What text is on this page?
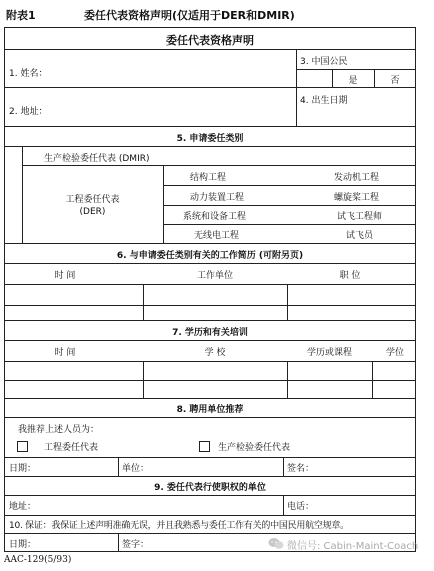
附表1	委任代表资格声明(仅适用于DER和DMIR)
委任代表资格声明
1. 姓名：
2. 地址：
3. 中国公民
是	否
4. 出生日期
5. 申请委任类别
生产检验委任代表 (DMIR)
工程委任代表
(DER)
结构工程	发动机工程
动力装置工程	螺旋桨工程
系统和设备工程	试飞工程师
无线电工程	试飞员
6. 与申请委任类别有关的工作简历 (可附另页)
时 间	工作单位	职 位
7. 学历和有关培训
时 间	学 校	学历或课程	学位
8. 聘用单位推荐
我推荐上述人员为：
工程委任代表	生产检验委任代表
日期：	单位：	签名：
9. 委任代表行使职权的单位
地址：	电话：
10. 保证：我保证上述声明准确无误，并且我熟悉与委任工作有关的中国民用航空规章。
日期：	签字：
AAC-129(5/93)
微信号: Cabin-Maint-Coach
